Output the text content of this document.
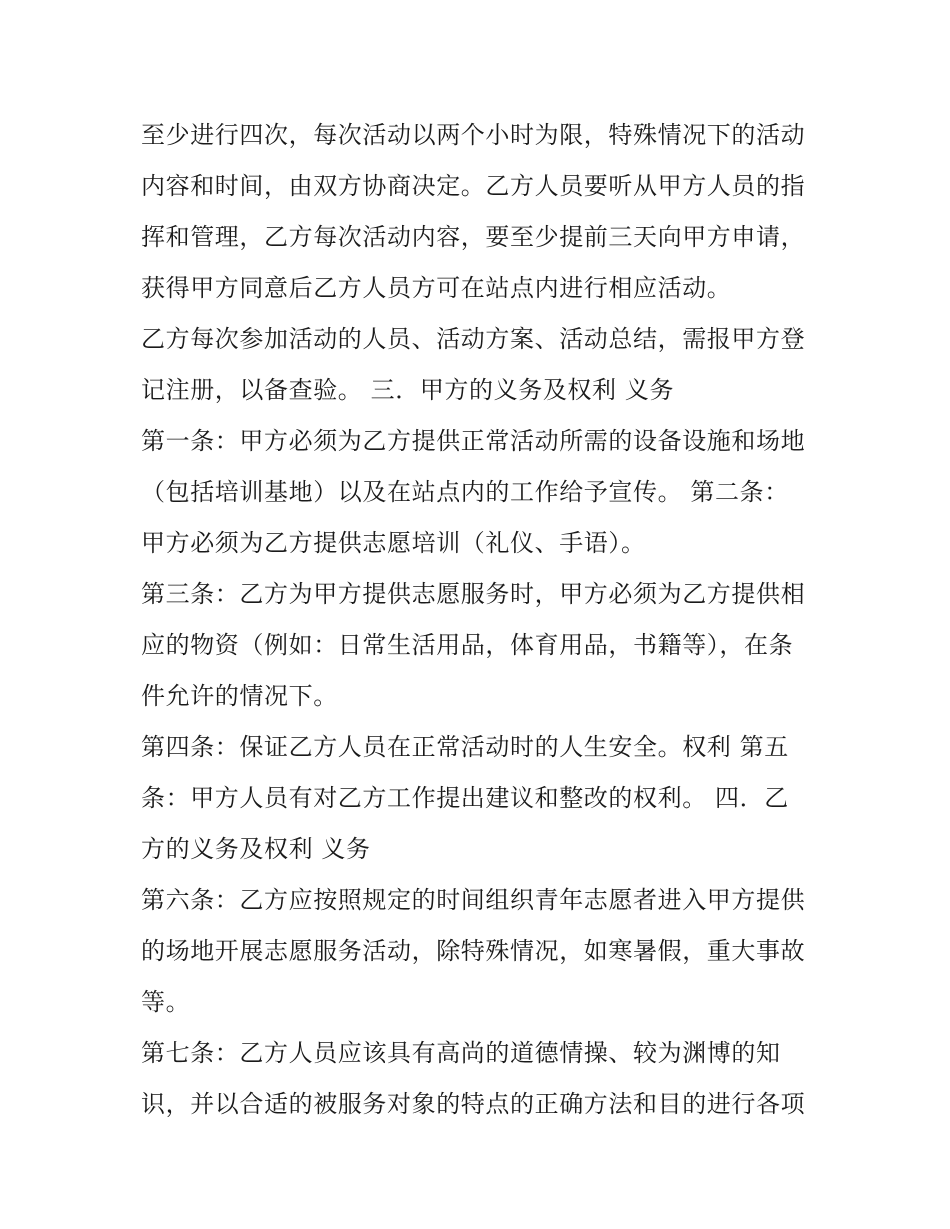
至少进行四次，每次活动以两个小时为限，特殊情况下的活动
内容和时间，由双方协商决定。乙方人员要听从甲方人员的指
挥和管理，乙方每次活动内容，要至少提前三天向甲方申请，
获得甲方同意后乙方人员方可在站点内进行相应活动。
乙方每次参加活动的人员、活动方案、活动总结，需报甲方登
记注册，以备查验。 三．甲方的义务及权利 义务
第一条：甲方必须为乙方提供正常活动所需的设备设施和场地
（包括培训基地）以及在站点内的工作给予宣传。 第二条：
甲方必须为乙方提供志愿培训（礼仪、手语）。
第三条：乙方为甲方提供志愿服务时，甲方必须为乙方提供相
应的物资（例如：日常生活用品，体育用品，书籍等），在条
件允许的情况下。
第四条：保证乙方人员在正常活动时的人生安全。权利 第五
条：甲方人员有对乙方工作提出建议和整改的权利。 四．乙
方的义务及权利 义务
第六条：乙方应按照规定的时间组织青年志愿者进入甲方提供
的场地开展志愿服务活动，除特殊情况，如寒暑假，重大事故
等。
第七条：乙方人员应该具有高尚的道德情操、较为渊博的知
识，并以合适的被服务对象的特点的正确方法和目的进行各项
